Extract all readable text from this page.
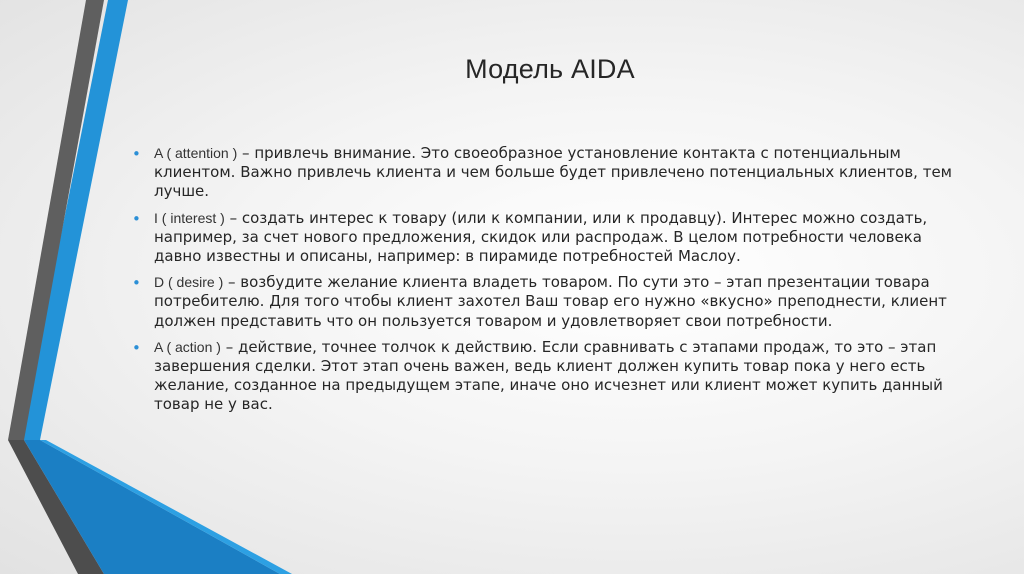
Модель AIDA
• A ( attention ) – привлечь внимание. Это своеобразное установление контакта с потенциальным клиентом. Важно привлечь клиента и чем больше будет привлечено потенциальных клиентов, тем лучше.
• I ( interest ) – создать интерес к товару (или к компании, или к продавцу). Интерес можно создать, например, за счет нового предложения, скидок или распродаж. В целом потребности человека давно известны и описаны, например: в пирамиде потребностей Маслоу.
• D ( desire ) – возбудите желание клиента владеть товаром. По сути это – этап презентации товара потребителю. Для того чтобы клиент захотел Ваш товар его нужно «вкусно» преподнести, клиент должен представить что он пользуется товаром и удовлетворяет свои потребности.
• A ( action ) – действие, точнее толчок к действию. Если сравнивать с этапами продаж, то это – этап завершения сделки. Этот этап очень важен, ведь клиент должен купить товар пока у него есть желание, созданное на предыдущем этапе, иначе оно исчезнет или клиент может купить данный товар не у вас.
